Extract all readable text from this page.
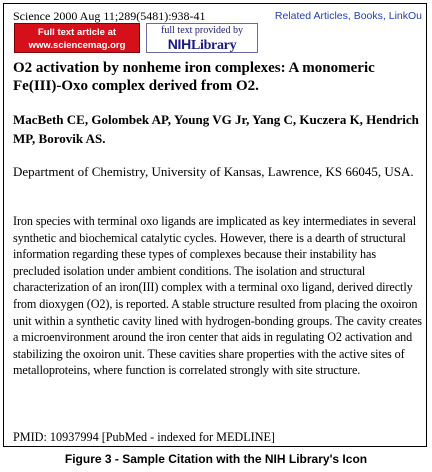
Science 2000 Aug 11;289(5481):938-41	Related Articles, Books, LinkOu
Full text article at
www.sciencemag.org
full text provided by
NIHLibrary
O2 activation by nonheme iron complexes: A monomeric Fe(III)-Oxo complex derived from O2.
MacBeth CE, Golombek AP, Young VG Jr, Yang C, Kuczera K, Hendrich MP, Borovik AS.
Department of Chemistry, University of Kansas, Lawrence, KS 66045, USA.
Iron species with terminal oxo ligands are implicated as key intermediates in several synthetic and biochemical catalytic cycles. However, there is a dearth of structural information regarding these types of complexes because their instability has precluded isolation under ambient conditions. The isolation and structural characterization of an iron(III) complex with a terminal oxo ligand, derived directly from dioxygen (O2), is reported. A stable structure resulted from placing the oxoiron unit within a synthetic cavity lined with hydrogen-bonding groups. The cavity creates a microenvironment around the iron center that aids in regulating O2 activation and stabilizing the oxoiron unit. These cavities share properties with the active sites of metalloproteins, where function is correlated strongly with site structure.
PMID: 10937994 [PubMed - indexed for MEDLINE]
Figure 3 - Sample Citation with the NIH Library's Icon
